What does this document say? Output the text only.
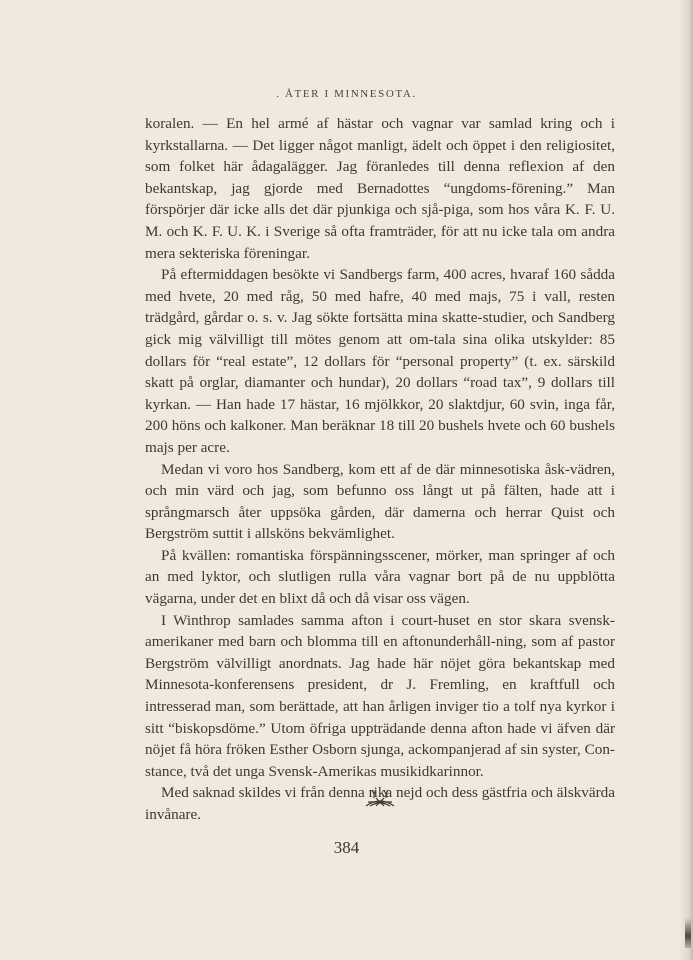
. ÅTER I MINNESOTA.

koralen. — En hel armé af hästar och vagnar var samlad kring och i kyrkstallarna. — Det ligger något manligt, ädelt och öppet i den religiositet, som folket här ådagalägger. Jag föranledes till denna reflexion af den bekantskap, jag gjorde med Bernadottes “ungdoms-förening.” Man förspörjer där icke alls det där pjunkiga och sjå-piga, som hos våra K. F. U. M. och K. F. U. K. i Sverige så ofta framträder, för att nu icke tala om andra mera sekteriska föreningar.

På eftermiddagen besökte vi Sandbergs farm, 400 acres, hvaraf 160 sådda med hvete, 20 med råg, 50 med hafre, 40 med majs, 75 i vall, resten trädgård, gårdar o. s. v. Jag sökte fortsätta mina skatte-studier, och Sandberg gick mig välvilligt till mötes genom att om-tala sina olika utskylder: 85 dollars för “real estate”, 12 dollars för “personal property” (t. ex. särskild skatt på orglar, diamanter och hundar), 20 dollars “road tax”, 9 dollars till kyrkan. — Han hade 17 hästar, 16 mjölkkor, 20 slaktdjur, 60 svin, inga får, 200 höns och kalkoner. Man beräknar 18 till 20 bushels hvete och 60 bushels majs per acre.

Medan vi voro hos Sandberg, kom ett af de där minnesotiska åsk-vädren, och min värd och jag, som befunno oss långt ut på fälten, hade att i språngmarsch åter uppsöka gården, där damerna och herrar Quist och Bergström suttit i allsköns bekvämlighet.

På kvällen: romantiska förspänningsscener, mörker, man springer af och an med lyktor, och slutligen rulla våra vagnar bort på de nu uppblötta vägarna, under det en blixt då och då visar oss vägen.

I Winthrop samlades samma afton i court-huset en stor skara svensk-amerikaner med barn och blomma till en aftonunderhåll-ning, som af pastor Bergström välvilligt anordnats. Jag hade här nöjet göra bekantskap med Minnesota-konferensens president, dr J. Fremling, en kraftfull och intresserad man, som berättade, att han årligen inviger tio a tolf nya kyrkor i sitt “biskopsdöme.” Utom öfriga uppträdande denna afton hade vi äfven där nöjet få höra fröken Esther Osborn sjunga, ackompanjerad af sin syster, Con-stance, två det unga Svensk-Amerikas musikidkarinnor.

Med saknad skildes vi från denna rika nejd och dess gästfria och älskvärda invånare.

384
